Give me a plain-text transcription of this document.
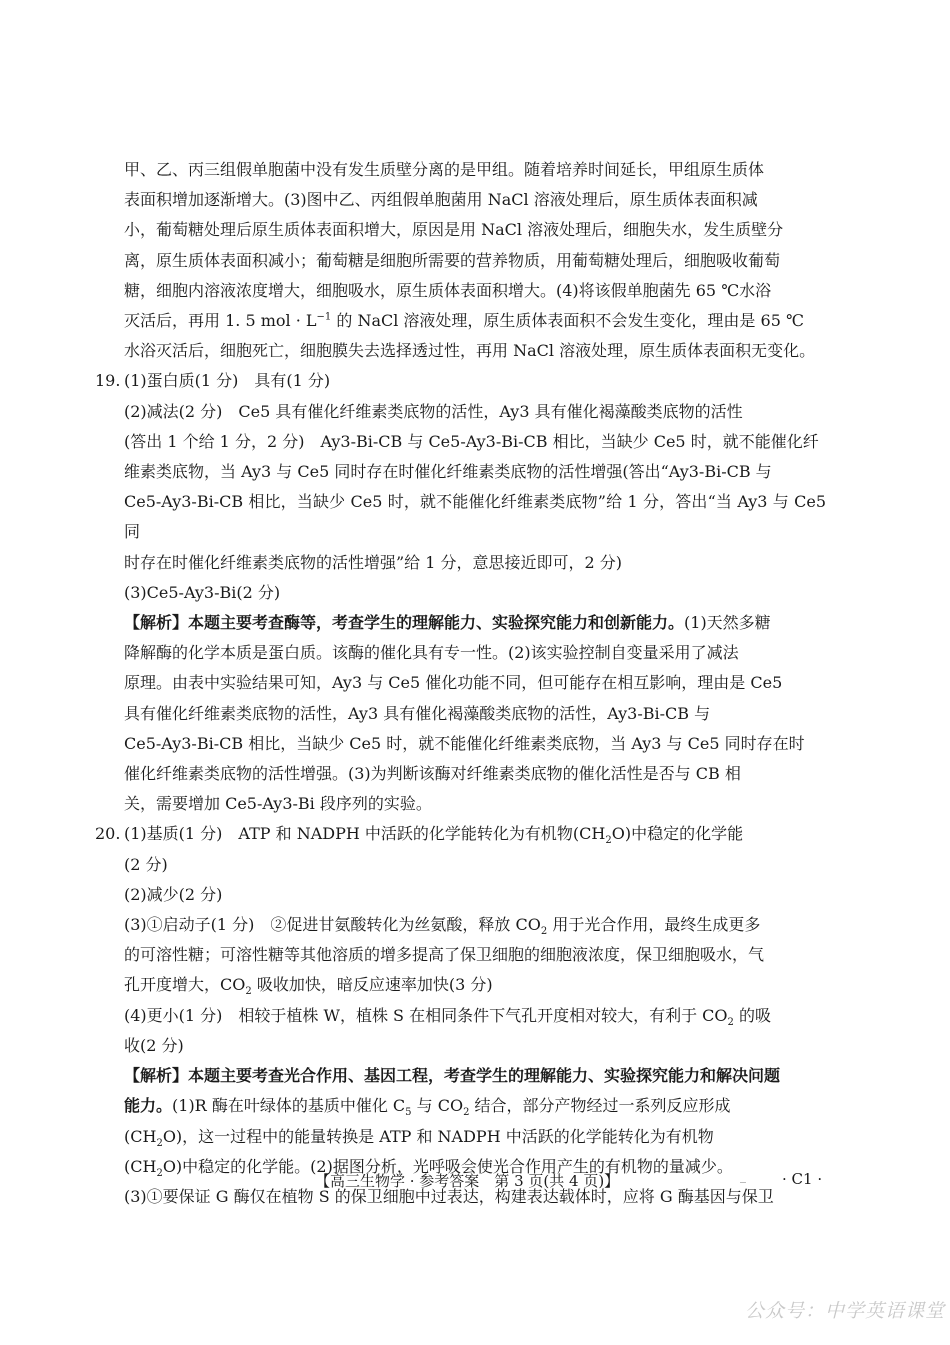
甲、乙、丙三组假单胞菌中没有发生质壁分离的是甲组。随着培养时间延长，甲组原生质体

表面积增加逐渐增大。(3)图中乙、丙组假单胞菌用 NaCl 溶液处理后，原生质体表面积减

小，葡萄糖处理后原生质体表面积增大，原因是用 NaCl 溶液处理后，细胞失水，发生质壁分

离，原生质体表面积减小；葡萄糖是细胞所需要的营养物质，用葡萄糖处理后，细胞吸收葡萄

糖，细胞内溶液浓度增大，细胞吸水，原生质体表面积增大。(4)将该假单胞菌先 65 ℃水浴

灭活后，再用 1. 5 mol · $L^{-1}$ 的 NaCl 溶液处理，原生质体表面积不会发生变化，理由是 65 ℃

水浴灭活后，细胞死亡，细胞膜失去选择透过性，再用 NaCl 溶液处理，原生质体表面积无变化。

19. (1)蛋白质(1 分)　具有(1 分)

(2)减法(2 分)　Ce5 具有催化纤维素类底物的活性，Ay3 具有催化褐藻酸类底物的活性

(答出 1 个给 1 分，2 分)　Ay3-Bi-CB 与 Ce5-Ay3-Bi-CB 相比，当缺少 Ce5 时，就不能催化纤

维素类底物，当 Ay3 与 Ce5 同时存在时催化纤维素类底物的活性增强(答出“Ay3-Bi-CB 与

Ce5-Ay3-Bi-CB 相比，当缺少 Ce5 时，就不能催化纤维素类底物”给 1 分，答出“当 Ay3 与 Ce5 同

时存在时催化纤维素类底物的活性增强”给 1 分，意思接近即可，2 分)

(3)Ce5-Ay3-Bi(2 分)

【解析】本题主要考查酶等，考查学生的理解能力、实验探究能力和创新能力。(1)天然多糖

降解酶的化学本质是蛋白质。该酶的催化具有专一性。(2)该实验控制自变量采用了减法

原理。由表中实验结果可知，Ay3 与 Ce5 催化功能不同，但可能存在相互影响，理由是 Ce5

具有催化纤维素类底物的活性，Ay3 具有催化褐藻酸类底物的活性，Ay3-Bi-CB 与

Ce5-Ay3-Bi-CB 相比，当缺少 Ce5 时，就不能催化纤维素类底物，当 Ay3 与 Ce5 同时存在时

催化纤维素类底物的活性增强。(3)为判断该酶对纤维素类底物的催化活性是否与 CB 相

关，需要增加 Ce5-Ay3-Bi 段序列的实验。

20. (1)基质(1 分)　ATP 和 NADPH 中活跃的化学能转化为有机物$(CH_2O)$中稳定的化学能

(2 分)

(2)减少(2 分)

(3)①启动子(1 分)　②促进甘氨酸转化为丝氨酸，释放 $CO_2$ 用于光合作用，最终生成更多

的可溶性糖；可溶性糖等其他溶质的增多提高了保卫细胞的细胞液浓度，保卫细胞吸水，气

孔开度增大，$CO_2$ 吸收加快，暗反应速率加快(3 分)

(4)更小(1 分)　相较于植株 W，植株 S 在相同条件下气孔开度相对较大，有利于 $CO_2$ 的吸

收(2 分)

【解析】本题主要考查光合作用、基因工程，考查学生的理解能力、实验探究能力和解决问题

能力。(1)R 酶在叶绿体的基质中催化 $C_5$ 与 $CO_2$ 结合，部分产物经过一系列反应形成

$(CH_2O)$，这一过程中的能量转换是 ATP 和 NADPH 中活跃的化学能转化为有机物

$(CH_2O)$中稳定的化学能。(2)据图分析，光呼吸会使光合作用产生的有机物的量减少。

(3)①要保证 G 酶仅在植物 S 的保卫细胞中过表达，构建表达载体时，应将 G 酶基因与保卫

【高三生物学 · 参考答案　第 3 页(共 4 页)】	· C1 ·
公众号：中学英语课堂
